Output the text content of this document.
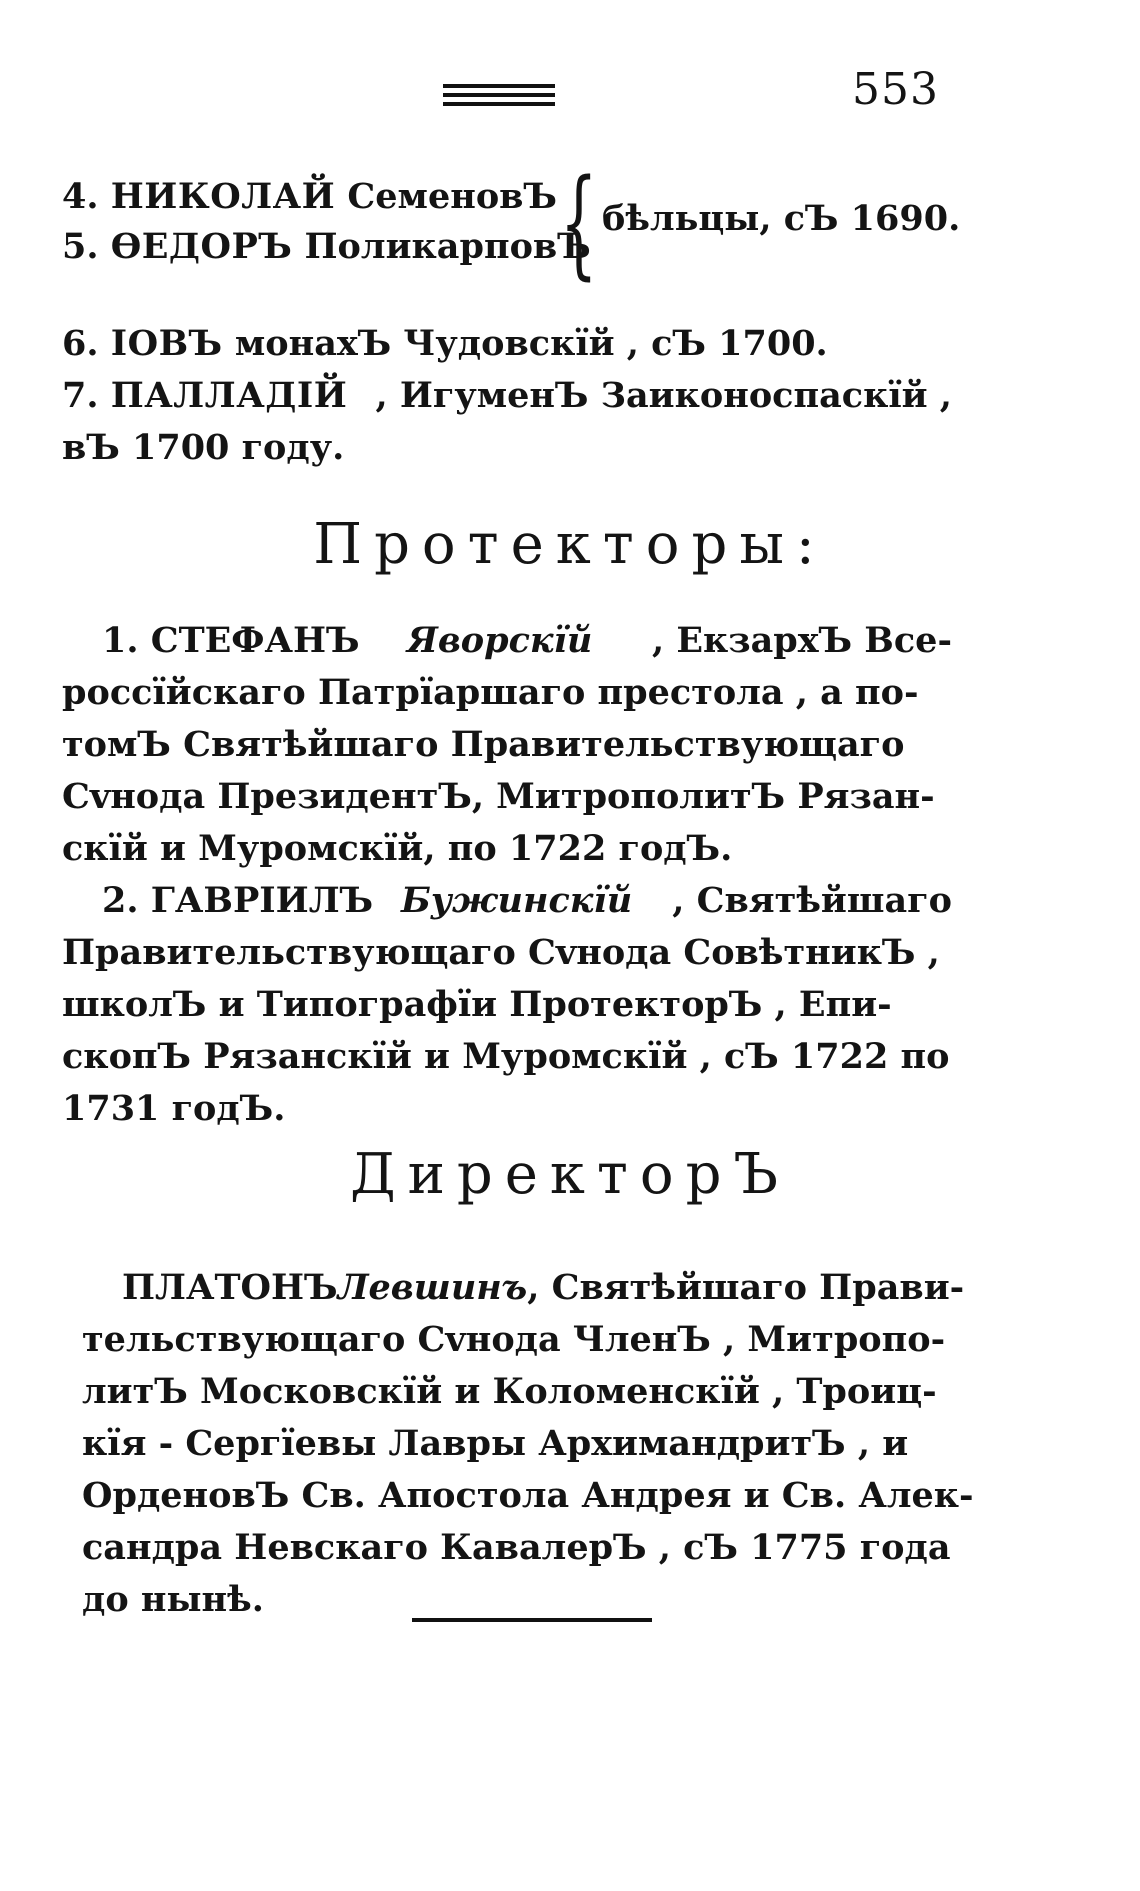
553
4. НИКОЛАЙ СеменовЪ
5. ѲЕДОРЪ ПоликарповЪ
{ бѣльцы, сЪ 1690.
6.
IОВЪ монахЪ Чудовскїй , сЪ 1700.
7. ПАЛЛАДIЙ , ИгуменЪ Заиконоспаскїй ,
вЪ 1700 году.
Протекторы:
1. СТЕФАНЪ Яворскїй , ЕкзархЪ Все-
россїйскаго Патрїаршаго престола , а по-
томЪ Святѣйшаго Правительствующаго
Сvнода ПрезидентЪ, МитрополитЪ Рязан-
скїй и Муромскїй, по 1722 годЪ.
2. ГАВРIИЛЪ Бужинскїй , Святѣйшаго
Правительствующаго Сvнода СовѣтникЪ ,
школЪ и Типографїи ПротекторЪ , Епи-
скопЪ Рязанскїй и Муромскїй , сЪ 1722 по
1731 годЪ.
ДиректорЪ
ПЛАТОНЪ Левшинъ , Святѣйшаго Прави-
тельствующаго Сvнода ЧленЪ , Митропо-
литЪ Московскїй и Коломенскїй , Троиц-
кїя - Сергїевы Лавры АрхимандритЪ , и
ОрденовЪ Св. Апостола Андрея и Св. Алек-
сандра Невскаго КавалерЪ , сЪ 1775 года
до нынѣ.
